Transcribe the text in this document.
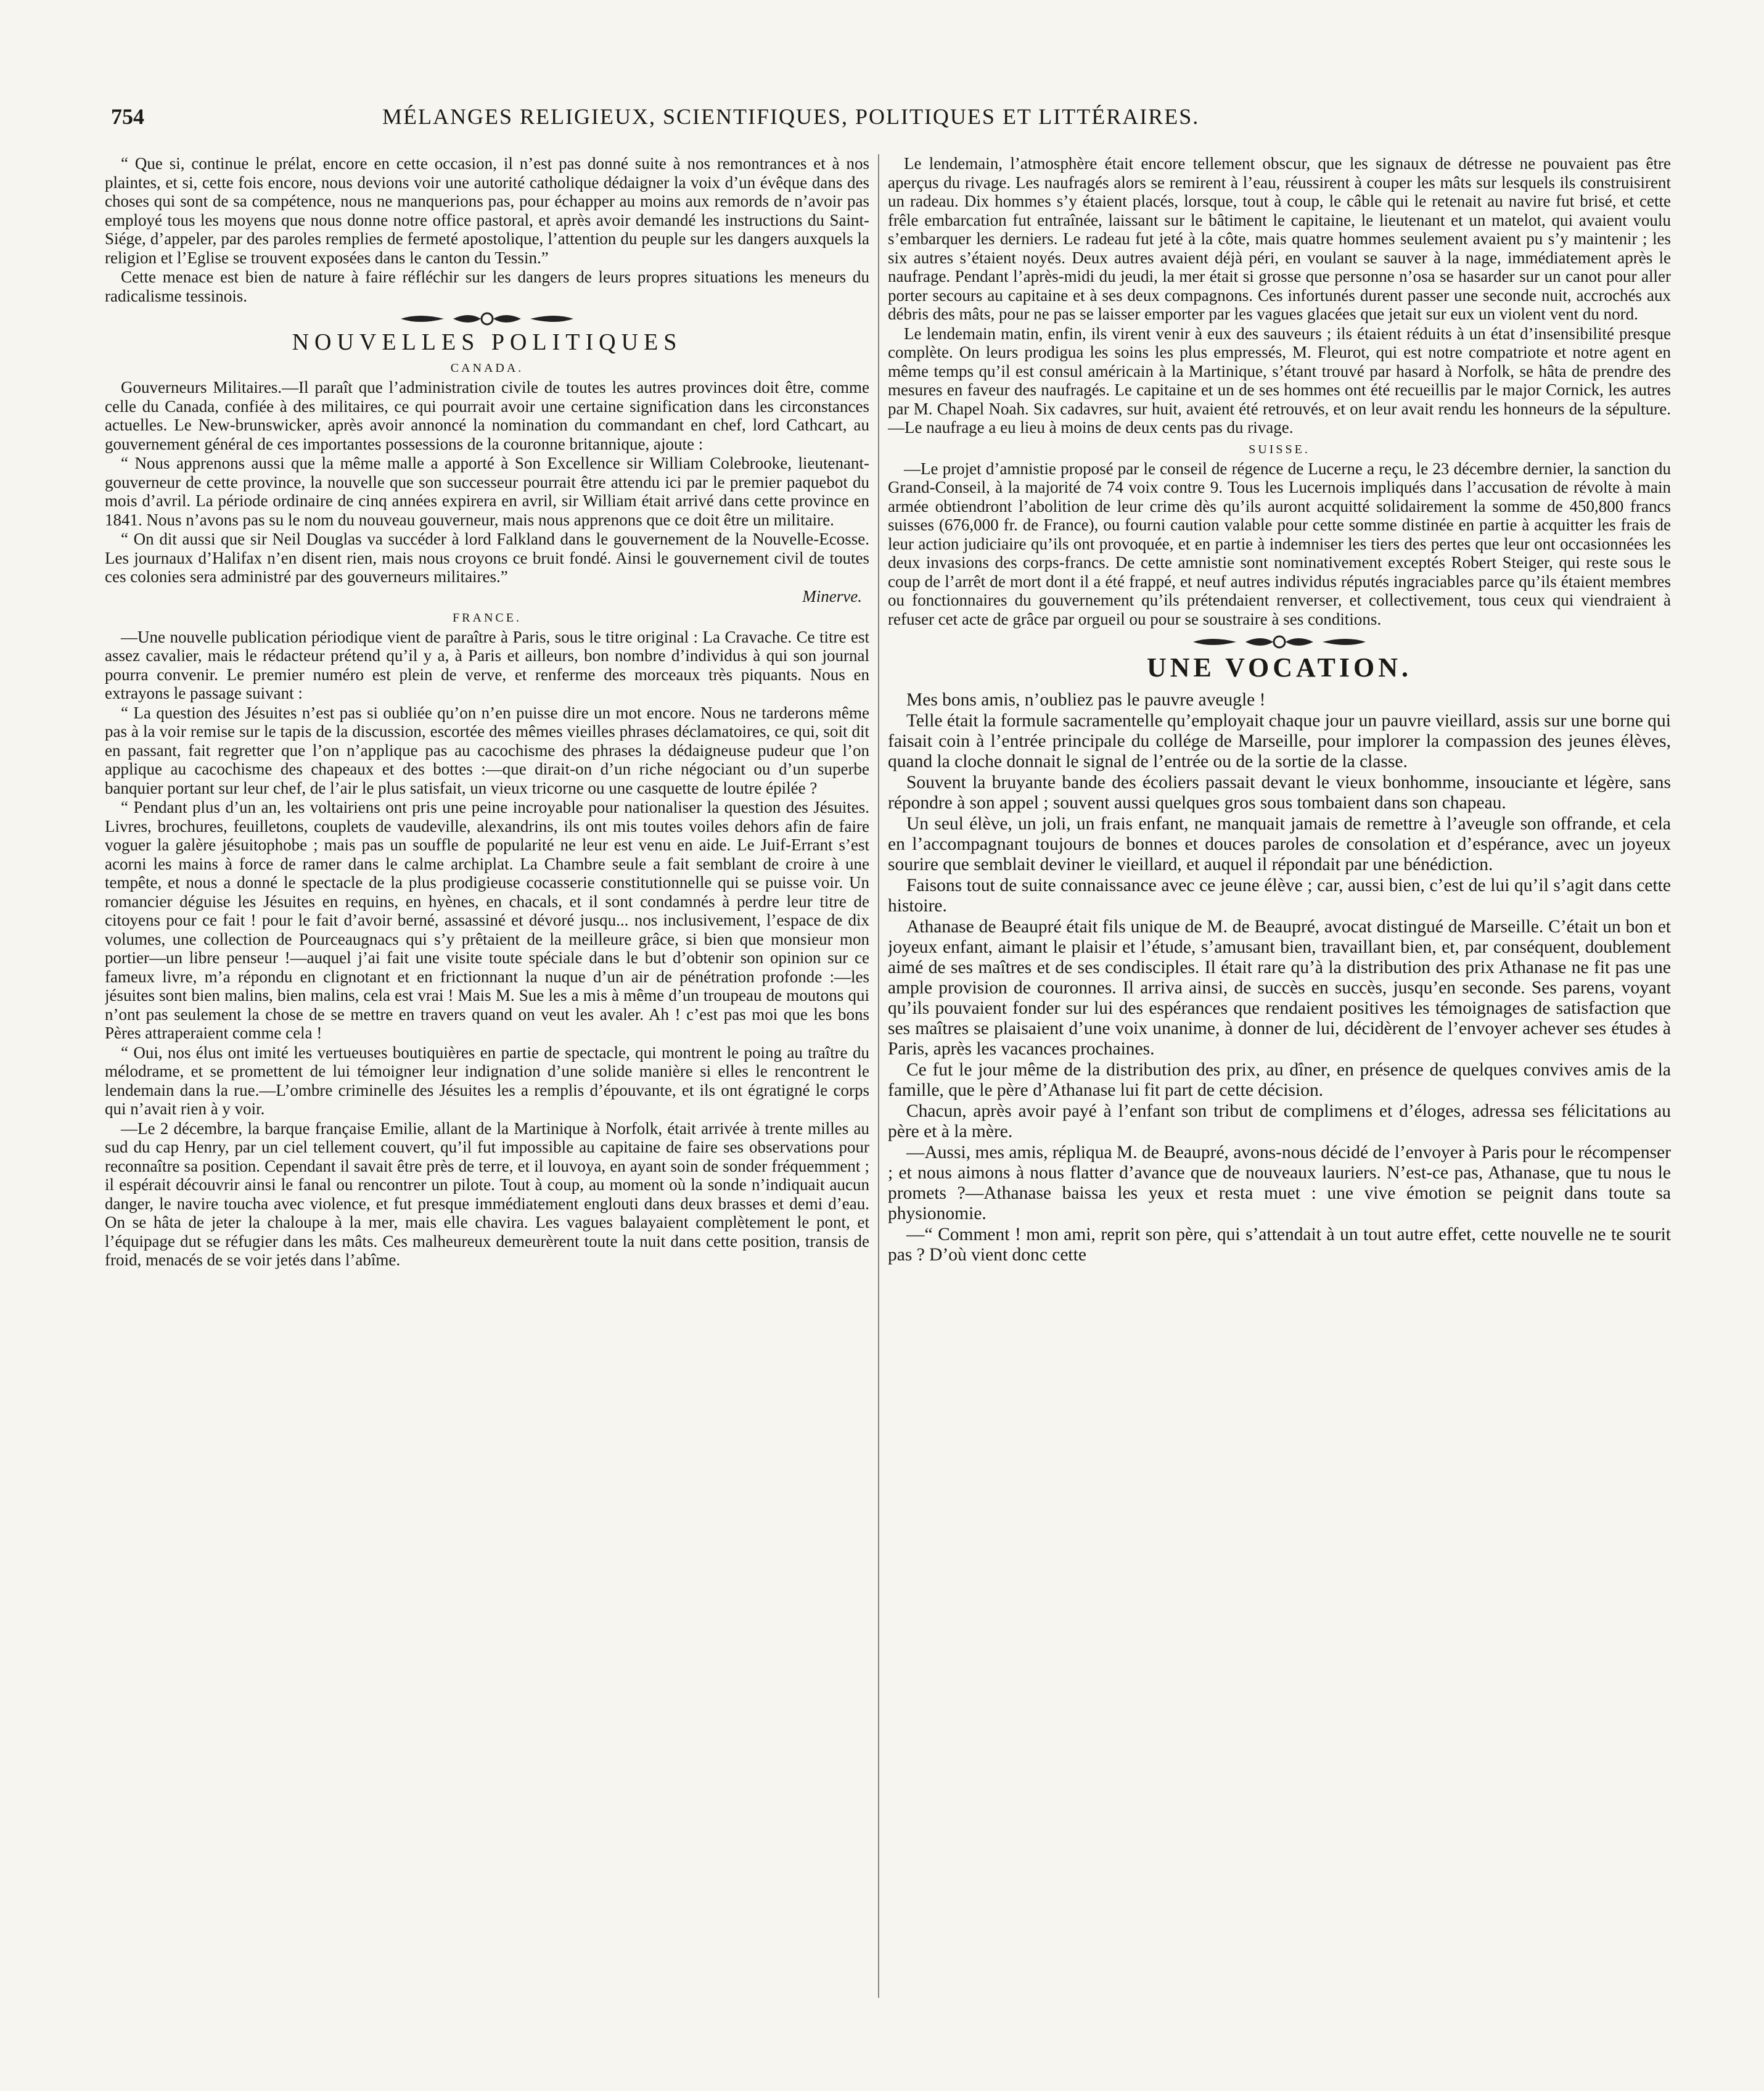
754	MÉLANGES RELIGIEUX, SCIENTIFIQUES, POLITIQUES ET LITTÉRAIRES.

“ Que si, continue le prélat, encore en cette occasion, il n’est pas donné suite à nos remontrances et à nos plaintes, et si, cette fois encore, nous devions voir une autorité catholique dédaigner la voix d’un évêque dans des choses qui sont de sa compétence, nous ne manquerions pas, pour échapper au moins aux remords de n’avoir pas employé tous les moyens que nous donne notre office pastoral, et après avoir demandé les instructions du Saint-Siége, d’appeler, par des paroles remplies de fermeté apostolique, l’attention du peuple sur les dangers auxquels la religion et l’Eglise se trouvent exposées dans le canton du Tessin.”

Cette menace est bien de nature à faire réfléchir sur les dangers de leurs propres situations les meneurs du radicalisme tessinois.

NOUVELLES POLITIQUES
CANADA.

Gouverneurs Militaires.—Il paraît que l’administration civile de toutes les autres provinces doit être, comme celle du Canada, confiée à des militaires, ce qui pourrait avoir une certaine signification dans les circonstances actuelles. Le New-brunswicker, après avoir annoncé la nomination du commandant en chef, lord Cathcart, au gouvernement général de ces importantes possessions de la couronne britannique, ajoute :

“ Nous apprenons aussi que la même malle a apporté à Son Excellence sir William Colebrooke, lieutenant-gouverneur de cette province, la nouvelle que son successeur pourrait être attendu ici par le premier paquebot du mois d’avril. La période ordinaire de cinq années expirera en avril, sir William était arrivé dans cette province en 1841. Nous n’avons pas su le nom du nouveau gouverneur, mais nous apprenons que ce doit être un militaire.

“ On dit aussi que sir Neil Douglas va succéder à lord Falkland dans le gouvernement de la Nouvelle-Ecosse. Les journaux d’Halifax n’en disent rien, mais nous croyons ce bruit fondé. Ainsi le gouvernement civil de toutes ces colonies sera administré par des gouverneurs militaires.”

Minerve.
FRANCE.

—Une nouvelle publication périodique vient de paraître à Paris, sous le titre original : La Cravache. Ce titre est assez cavalier, mais le rédacteur prétend qu’il y a, à Paris et ailleurs, bon nombre d’individus à qui son journal pourra convenir. Le premier numéro est plein de verve, et renferme des morceaux très piquants. Nous en extrayons le passage suivant :

“ La question des Jésuites n’est pas si oubliée qu’on n’en puisse dire un mot encore. Nous ne tarderons même pas à la voir remise sur le tapis de la discussion, escortée des mêmes vieilles phrases déclamatoires, ce qui, soit dit en passant, fait regretter que l’on n’applique pas au cacochisme des phrases la dédaigneuse pudeur que l’on applique au cacochisme des chapeaux et des bottes :—que dirait-on d’un riche négociant ou d’un superbe banquier portant sur leur chef, de l’air le plus satisfait, un vieux tricorne ou une casquette de loutre épilée ?

“ Pendant plus d’un an, les voltairiens ont pris une peine incroyable pour nationaliser la question des Jésuites. Livres, brochures, feuilletons, couplets de vaudeville, alexandrins, ils ont mis toutes voiles dehors afin de faire voguer la galère jésuitophobe ; mais pas un souffle de popularité ne leur est venu en aide. Le Juif-Errant s’est acorni les mains à force de ramer dans le calme archiplat. La Chambre seule a fait semblant de croire à une tempête, et nous a donné le spectacle de la plus prodigieuse cocasserie constitutionnelle qui se puisse voir. Un romancier déguise les Jésuites en requins, en hyènes, en chacals, et il sont condamnés à perdre leur titre de citoyens pour ce fait ! pour le fait d’avoir berné, assassiné et dévoré jusqu... nos inclusivement, l’espace de dix volumes, une collection de Pourceaugnacs qui s’y prêtaient de la meilleure grâce, si bien que monsieur mon portier—un libre penseur !—auquel j’ai fait une visite toute spéciale dans le but d’obtenir son opinion sur ce fameux livre, m’a répondu en clignotant et en frictionnant la nuque d’un air de pénétration profonde :—les jésuites sont bien malins, bien malins, cela est vrai ! Mais M. Sue les a mis à même d’un troupeau de moutons qui n’ont pas seulement la chose de se mettre en travers quand on veut les avaler. Ah ! c’est pas moi que les bons Pères attraperaient comme cela !

“ Oui, nos élus ont imité les vertueuses boutiquières en partie de spectacle, qui montrent le poing au traître du mélodrame, et se promettent de lui témoigner leur indignation d’une solide manière si elles le rencontrent le lendemain dans la rue.—L’ombre criminelle des Jésuites les a remplis d’épouvante, et ils ont égratigné le corps qui n’avait rien à y voir.

—Le 2 décembre, la barque française Emilie, allant de la Martinique à Norfolk, était arrivée à trente milles au sud du cap Henry, par un ciel tellement couvert, qu’il fut impossible au capitaine de faire ses observations pour reconnaître sa position. Cependant il savait être près de terre, et il louvoya, en ayant soin de sonder fréquemment ; il espérait découvrir ainsi le fanal ou rencontrer un pilote. Tout à coup, au moment où la sonde n’indiquait aucun danger, le navire toucha avec violence, et fut presque immédiatement englouti dans deux brasses et demi d’eau. On se hâta de jeter la chaloupe à la mer, mais elle chavira. Les vagues balayaient complètement le pont, et l’équipage dut se réfugier dans les mâts. Ces malheureux demeurèrent toute la nuit dans cette position, transis de froid, menacés de se voir jetés dans l’abîme.

Le lendemain, l’atmosphère était encore tellement obscur, que les signaux de détresse ne pouvaient pas être aperçus du rivage. Les naufragés alors se remirent à l’eau, réussirent à couper les mâts sur lesquels ils construisirent un radeau. Dix hommes s’y étaient placés, lorsque, tout à coup, le câble qui le retenait au navire fut brisé, et cette frêle embarcation fut entraînée, laissant sur le bâtiment le capitaine, le lieutenant et un matelot, qui avaient voulu s’embarquer les derniers. Le radeau fut jeté à la côte, mais quatre hommes seulement avaient pu s’y maintenir ; les six autres s’étaient noyés. Deux autres avaient déjà péri, en voulant se sauver à la nage, immédiatement après le naufrage. Pendant l’après-midi du jeudi, la mer était si grosse que personne n’osa se hasarder sur un canot pour aller porter secours au capitaine et à ses deux compagnons. Ces infortunés durent passer une seconde nuit, accrochés aux débris des mâts, pour ne pas se laisser emporter par les vagues glacées que jetait sur eux un violent vent du nord.

Le lendemain matin, enfin, ils virent venir à eux des sauveurs ; ils étaient réduits à un état d’insensibilité presque complète. On leurs prodigua les soins les plus empressés, M. Fleurot, qui est notre compatriote et notre agent en même temps qu’il est consul américain à la Martinique, s’étant trouvé par hasard à Norfolk, se hâta de prendre des mesures en faveur des naufragés. Le capitaine et un de ses hommes ont été recueillis par le major Cornick, les autres par M. Chapel Noah. Six cadavres, sur huit, avaient été retrouvés, et on leur avait rendu les honneurs de la sépulture.—Le naufrage a eu lieu à moins de deux cents pas du rivage.

SUISSE.

—Le projet d’amnistie proposé par le conseil de régence de Lucerne a reçu, le 23 décembre dernier, la sanction du Grand-Conseil, à la majorité de 74 voix contre 9. Tous les Lucernois impliqués dans l’accusation de révolte à main armée obtiendront l’abolition de leur crime dès qu’ils auront acquitté solidairement la somme de 450,800 francs suisses (676,000 fr. de France), ou fourni caution valable pour cette somme distinée en partie à acquitter les frais de leur action judiciaire qu’ils ont provoquée, et en partie à indemniser les tiers des pertes que leur ont occasionnées les deux invasions des corps-francs. De cette amnistie sont nominativement exceptés Robert Steiger, qui reste sous le coup de l’arrêt de mort dont il a été frappé, et neuf autres individus réputés ingraciables parce qu’ils étaient membres ou fonctionnaires du gouvernement qu’ils prétendaient renverser, et collectivement, tous ceux qui viendraient à refuser cet acte de grâce par orgueil ou pour se soustraire à ses conditions.

UNE VOCATION.

Mes bons amis, n’oubliez pas le pauvre aveugle !

Telle était la formule sacramentelle qu’employait chaque jour un pauvre vieillard, assis sur une borne qui faisait coin à l’entrée principale du collége de Marseille, pour implorer la compassion des jeunes élèves, quand la cloche donnait le signal de l’entrée ou de la sortie de la classe.

Souvent la bruyante bande des écoliers passait devant le vieux bonhomme, insouciante et légère, sans répondre à son appel ; souvent aussi quelques gros sous tombaient dans son chapeau.

Un seul élève, un joli, un frais enfant, ne manquait jamais de remettre à l’aveugle son offrande, et cela en l’accompagnant toujours de bonnes et douces paroles de consolation et d’espérance, avec un joyeux sourire que semblait deviner le vieillard, et auquel il répondait par une bénédiction.

Faisons tout de suite connaissance avec ce jeune élève ; car, aussi bien, c’est de lui qu’il s’agit dans cette histoire.

Athanase de Beaupré était fils unique de M. de Beaupré, avocat distingué de Marseille. C’était un bon et joyeux enfant, aimant le plaisir et l’étude, s’amusant bien, travaillant bien, et, par conséquent, doublement aimé de ses maîtres et de ses condisciples. Il était rare qu’à la distribution des prix Athanase ne fit pas une ample provision de couronnes. Il arriva ainsi, de succès en succès, jusqu’en seconde. Ses parens, voyant qu’ils pouvaient fonder sur lui des espérances que rendaient positives les témoignages de satisfaction que ses maîtres se plaisaient d’une voix unanime, à donner de lui, décidèrent de l’envoyer achever ses études à Paris, après les vacances prochaines.

Ce fut le jour même de la distribution des prix, au dîner, en présence de quelques convives amis de la famille, que le père d’Athanase lui fit part de cette décision.

Chacun, après avoir payé à l’enfant son tribut de complimens et d’éloges, adressa ses félicitations au père et à la mère.

—Aussi, mes amis, répliqua M. de Beaupré, avons-nous décidé de l’envoyer à Paris pour le récompenser ; et nous aimons à nous flatter d’avance que de nouveaux lauriers. N’est-ce pas, Athanase, que tu nous le promets ?—Athanase baissa les yeux et resta muet : une vive émotion se peignit dans toute sa physionomie.

—“ Comment ! mon ami, reprit son père, qui s’attendait à un tout autre effet, cette nouvelle ne te sourit pas ? D’où vient donc cette
